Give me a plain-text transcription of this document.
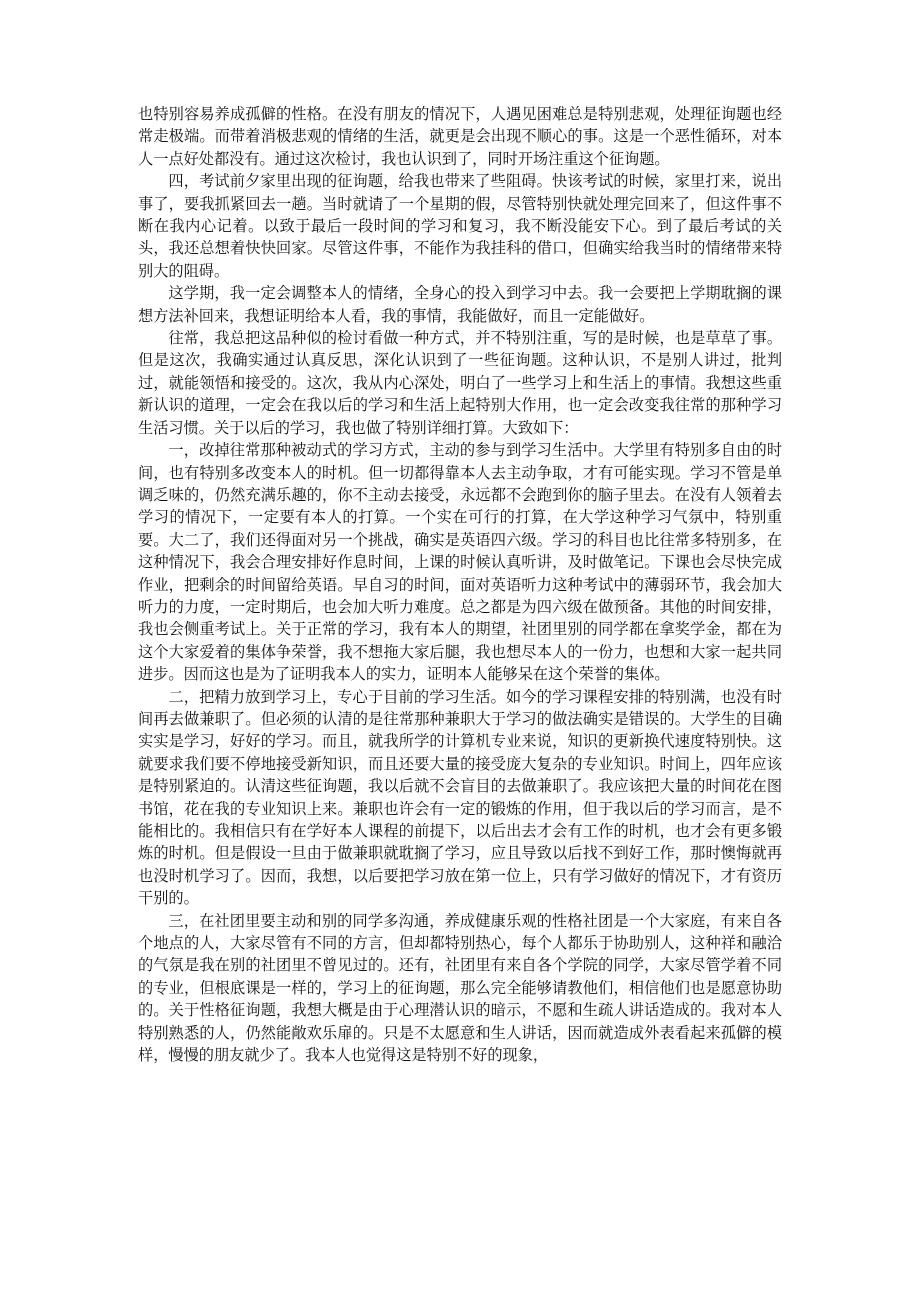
也特别容易养成孤僻的性格。在没有朋友的情况下，人遇见困难总是特别悲观，处理征询题也经常走极端。而带着消极悲观的情绪的生活，就更是会出现不顺心的事。这是一个恶性循环，对本人一点好处都没有。通过这次检讨，我也认识到了，同时开场注重这个征询题。

四，考试前夕家里出现的征询题，给我也带来了些阻碍。快该考试的时候，家里打来，说出事了，要我抓紧回去一趟。当时就请了一个星期的假，尽管特别快就处理完回来了，但这件事不断在我内心记着。以致于最后一段时间的学习和复习，我不断没能安下心。到了最后考试的关头，我还总想着快快回家。尽管这件事，不能作为我挂科的借口，但确实给我当时的情绪带来特别大的阻碍。

这学期，我一定会调整本人的情绪，全身心的投入到学习中去。我一会要把上学期耽搁的课想方法补回来，我想证明给本人看，我的事情，我能做好，而且一定能做好。

往常，我总把这品种似的检讨看做一种方式，并不特别注重，写的是时候，也是草草了事。但是这次，我确实通过认真反思，深化认识到了一些征询题。这种认识，不是别人讲过，批判过，就能领悟和接受的。这次，我从内心深处，明白了一些学习上和生活上的事情。我想这些重新认识的道理，一定会在我以后的学习和生活上起特别大作用，也一定会改变我往常的那种学习生活习惯。关于以后的学习，我也做了特别详细打算。大致如下：

一，改掉往常那种被动式的学习方式，主动的参与到学习生活中。大学里有特别多自由的时间，也有特别多改变本人的时机。但一切都得靠本人去主动争取，才有可能实现。学习不管是单调乏味的，仍然充满乐趣的，你不主动去接受，永远都不会跑到你的脑子里去。在没有人领着去学习的情况下，一定要有本人的打算。一个实在可行的打算，在大学这种学习气氛中，特别重要。大二了，我们还得面对另一个挑战，确实是英语四六级。学习的科目也比往常多特别多，在这种情况下，我会合理安排好作息时间，上课的时候认真听讲，及时做笔记。下课也会尽快完成作业，把剩余的时间留给英语。早自习的时间，面对英语听力这种考试中的薄弱环节，我会加大听力的力度，一定时期后，也会加大听力难度。总之都是为四六级在做预备。其他的时间安排，我也会侧重考试上。关于正常的学习，我有本人的期望，社团里别的同学都在拿奖学金，都在为这个大家爱着的集体争荣誉，我不想拖大家后腿，我也想尽本人的一份力，也想和大家一起共同进步。因而这也是为了证明我本人的实力，证明本人能够呆在这个荣誉的集体。

二，把精力放到学习上，专心于目前的学习生活。如今的学习课程安排的特别满，也没有时间再去做兼职了。但必须的认清的是往常那种兼职大于学习的做法确实是错误的。大学生的目确实实是学习，好好的学习。而且，就我所学的计算机专业来说，知识的更新换代速度特别快。这就要求我们要不停地接受新知识，而且还要大量的接受庞大复杂的专业知识。时间上，四年应该是特别紧迫的。认清这些征询题，我以后就不会盲目的去做兼职了。我应该把大量的时间花在图书馆，花在我的专业知识上来。兼职也许会有一定的锻炼的作用，但于我以后的学习而言，是不能相比的。我相信只有在学好本人课程的前提下，以后出去才会有工作的时机，也才会有更多锻炼的时机。但是假设一旦由于做兼职就耽搁了学习，应且导致以后找不到好工作，那时懊悔就再也没时机学习了。因而，我想，以后要把学习放在第一位上，只有学习做好的情况下，才有资历干别的。

三，在社团里要主动和别的同学多沟通，养成健康乐观的性格社团是一个大家庭，有来自各个地点的人，大家尽管有不同的方言，但却都特别热心，每个人都乐于协助别人，这种祥和融洽的气氛是我在别的社团里不曾见过的。还有，社团里有来自各个学院的同学，大家尽管学着不同的专业，但根底课是一样的，学习上的征询题，那么完全能够请教他们，相信他们也是愿意协助的。关于性格征询题，我想大概是由于心理潜认识的暗示，不愿和生疏人讲话造成的。我对本人特别熟悉的人，仍然能敞欢乐扉的。只是不太愿意和生人讲话，因而就造成外表看起来孤僻的模样，慢慢的朋友就少了。我本人也觉得这是特别不好的现象，
